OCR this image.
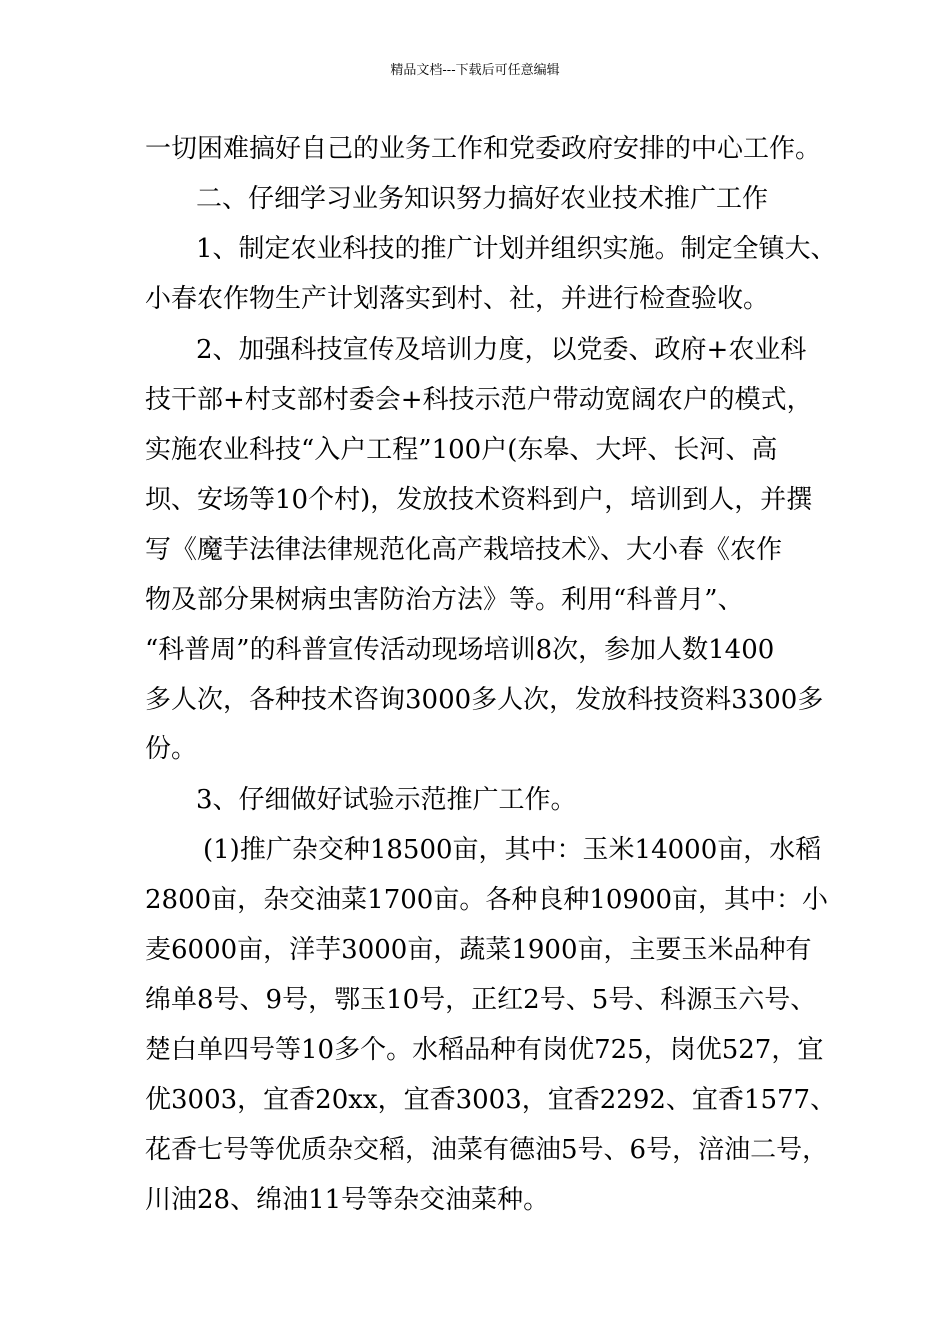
精品文档---下载后可任意编辑
一切困难搞好自己的业务工作和党委政府安排的中心工作。
二、仔细学习业务知识努力搞好农业技术推广工作
1、制定农业科技的推广计划并组织实施。制定全镇大、
小春农作物生产计划落实到村、社，并进行检查验收。
2、加强科技宣传及培训力度，以党委、政府+农业科
技干部+村支部村委会+科技示范户带动宽阔农户的模式，
实施农业科技“入户工程”100户(东皋、大坪、长河、高
坝、安场等10个村)，发放技术资料到户，培训到人，并撰
写《魔芋法律法律规范化高产栽培技术》、大小春《农作
物及部分果树病虫害防治方法》等。利用“科普月”、
“科普周”的科普宣传活动现场培训8次，参加人数1400
多人次，各种技术咨询3000多人次，发放科技资料3300多
份。
3、仔细做好试验示范推广工作。
(1)推广杂交种18500亩，其中：玉米14000亩，水稻
2800亩，杂交油菜1700亩。各种良种10900亩，其中：小
麦6000亩，洋芋3000亩，蔬菜1900亩，主要玉米品种有
绵单8号、9号，鄂玉10号，正红2号、5号、科源玉六号、
楚白单四号等10多个。水稻品种有岗优725，岗优527，宜
优3003，宜香20xx，宜香3003，宜香2292、宜香1577、
花香七号等优质杂交稻，油菜有德油5号、6号，涪油二号，
川油28、绵油11号等杂交油菜种。
